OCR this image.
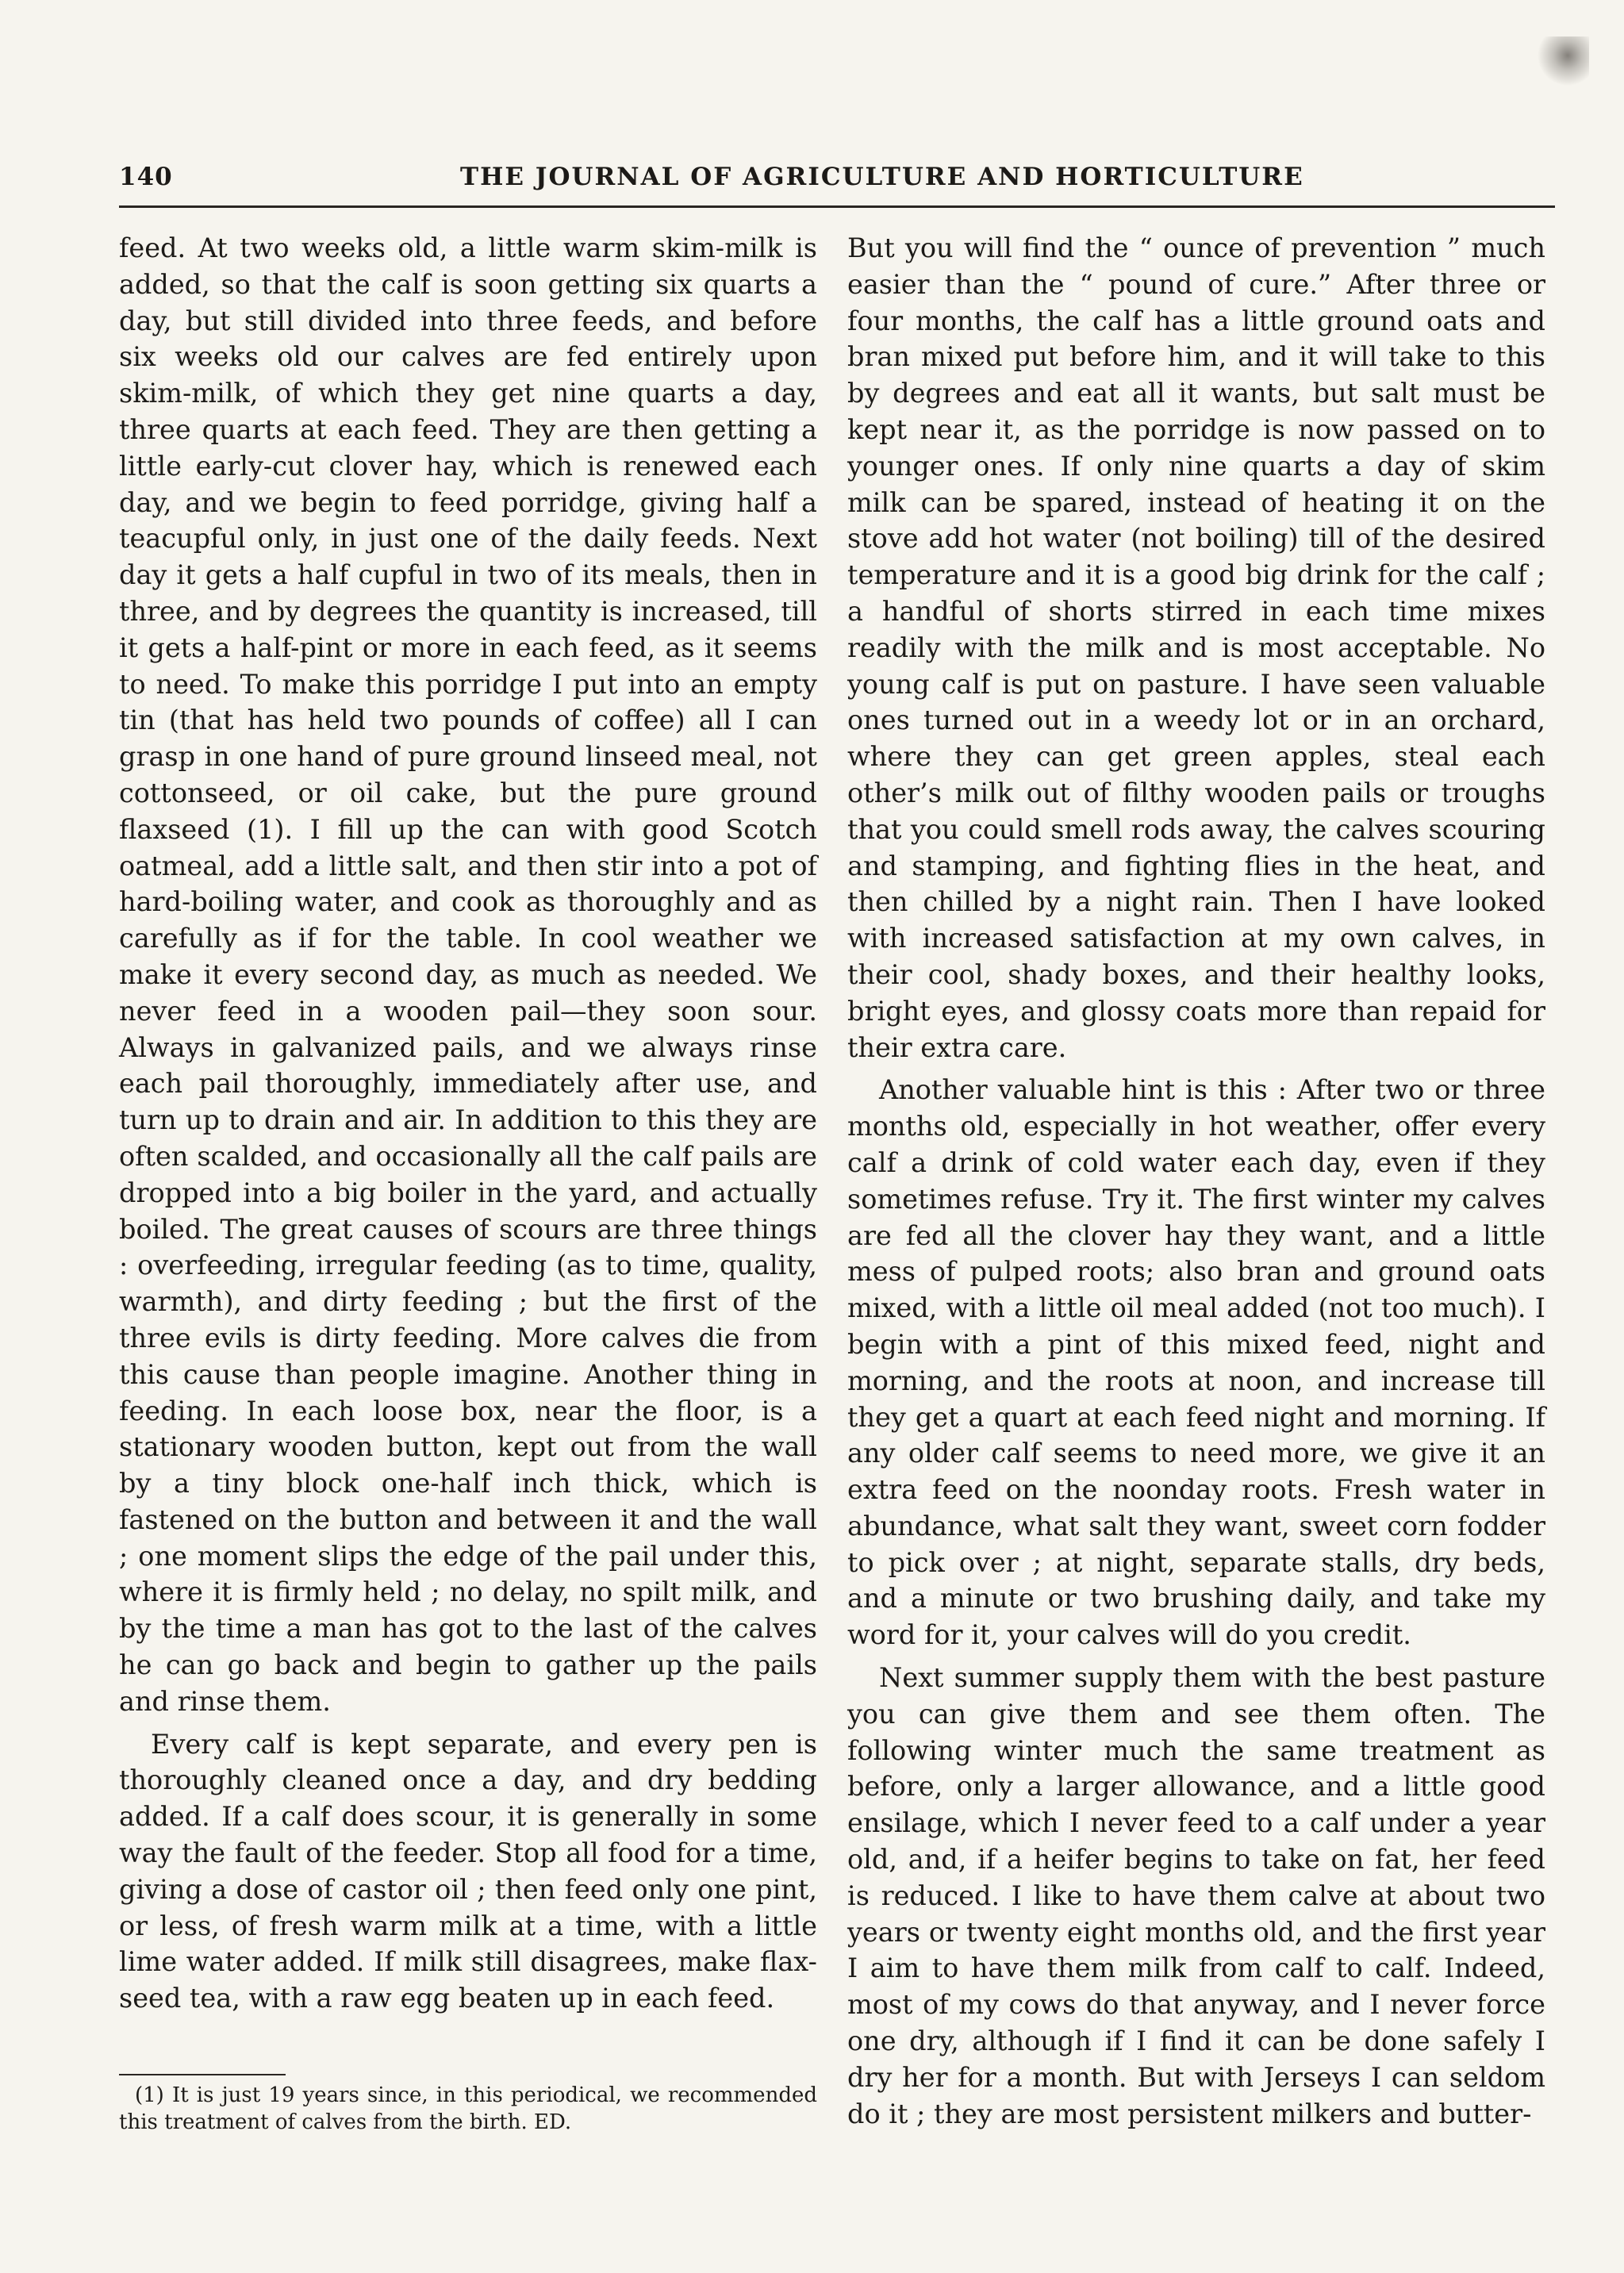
140	THE JOURNAL OF AGRICULTURE AND HORTICULTURE

feed. At two weeks old, a little warm skim-milk is added, so that the calf is soon getting six quarts a day, but still divided into three feeds, and before six weeks old our calves are fed entirely upon skim-milk, of which they get nine quarts a day, three quarts at each feed. They are then getting a little early-cut clover hay, which is renewed each day, and we begin to feed porridge, giving half a teacupful only, in just one of the daily feeds. Next day it gets a half cupful in two of its meals, then in three, and by degrees the quantity is increased, till it gets a half-pint or more in each feed, as it seems to need. To make this porridge I put into an empty tin (that has held two pounds of coffee) all I can grasp in one hand of pure ground linseed meal, not cottonseed, or oil cake, but the pure ground flaxseed (1). I fill up the can with good Scotch oatmeal, add a little salt, and then stir into a pot of hard-boiling water, and cook as thoroughly and as carefully as if for the table. In cool weather we make it every second day, as much as needed. We never feed in a wooden pail—they soon sour. Always in galvanized pails, and we always rinse each pail thoroughly, immediately after use, and turn up to drain and air. In addition to this they are often scalded, and occasionally all the calf pails are dropped into a big boiler in the yard, and actually boiled. The great causes of scours are three things : overfeeding, irregular feeding (as to time, quality, warmth), and dirty feeding ; but the first of the three evils is dirty feeding. More calves die from this cause than people imagine. Another thing in feeding. In each loose box, near the floor, is a stationary wooden button, kept out from the wall by a tiny block one-half inch thick, which is fastened on the button and between it and the wall ; one moment slips the edge of the pail under this, where it is firmly held ; no delay, no spilt milk, and by the time a man has got to the last of the calves he can go back and begin to gather up the pails and rinse them.

Every calf is kept separate, and every pen is thoroughly cleaned once a day, and dry bedding added. If a calf does scour, it is generally in some way the fault of the feeder. Stop all food for a time, giving a dose of castor oil ; then feed only one pint, or less, of fresh warm milk at a time, with a little lime water added. If milk still disagrees, make flax-seed tea, with a raw egg beaten up in each feed.

(1) It is just 19 years since, in this periodical, we recommended this treatment of calves from the birth. ED.

But you will find the “ ounce of prevention ” much easier than the “ pound of cure.” After three or four months, the calf has a little ground oats and bran mixed put before him, and it will take to this by degrees and eat all it wants, but salt must be kept near it, as the porridge is now passed on to younger ones. If only nine quarts a day of skim milk can be spared, instead of heating it on the stove add hot water (not boiling) till of the desired temperature and it is a good big drink for the calf ; a handful of shorts stirred in each time mixes readily with the milk and is most acceptable. No young calf is put on pasture. I have seen valuable ones turned out in a weedy lot or in an orchard, where they can get green apples, steal each other’s milk out of filthy wooden pails or troughs that you could smell rods away, the calves scouring and stamping, and fighting flies in the heat, and then chilled by a night rain. Then I have looked with increased satisfaction at my own calves, in their cool, shady boxes, and their healthy looks, bright eyes, and glossy coats more than repaid for their extra care.

Another valuable hint is this : After two or three months old, especially in hot weather, offer every calf a drink of cold water each day, even if they sometimes refuse. Try it. The first winter my calves are fed all the clover hay they want, and a little mess of pulped roots; also bran and ground oats mixed, with a little oil meal added (not too much). I begin with a pint of this mixed feed, night and morning, and the roots at noon, and increase till they get a quart at each feed night and morning. If any older calf seems to need more, we give it an extra feed on the noonday roots. Fresh water in abundance, what salt they want, sweet corn fodder to pick over ; at night, separate stalls, dry beds, and a minute or two brushing daily, and take my word for it, your calves will do you credit.

Next summer supply them with the best pasture you can give them and see them often. The following winter much the same treatment as before, only a larger allowance, and a little good ensilage, which I never feed to a calf under a year old, and, if a heifer begins to take on fat, her feed is reduced. I like to have them calve at about two years or twenty eight months old, and the first year I aim to have them milk from calf to calf. Indeed, most of my cows do that anyway, and I never force one dry, although if I find it can be done safely I dry her for a month. But with Jerseys I can seldom do it ; they are most persistent milkers and butter-
